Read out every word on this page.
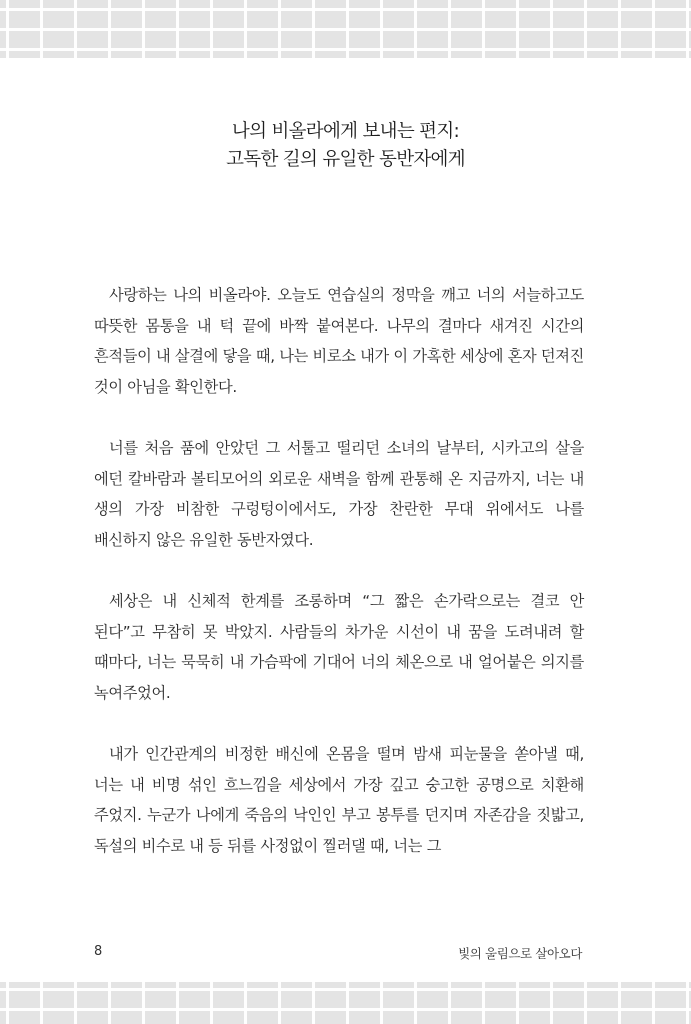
나의 비올라에게 보내는 편지:
고독한 길의 유일한 동반자에게

사랑하는 나의 비올라야. 오늘도 연습실의 정막을 깨고 너의 서늘하고도 따뜻한 몸통을 내 턱 끝에 바짝 붙여본다. 나무의 결마다 새겨진 시간의 흔적들이 내 살결에 닿을 때, 나는 비로소 내가 이 가혹한 세상에 혼자 던져진 것이 아님을 확인한다.

너를 처음 품에 안았던 그 서툴고 떨리던 소녀의 날부터, 시카고의 살을 에던 칼바람과 볼티모어의 외로운 새벽을 함께 관통해 온 지금까지, 너는 내 생의 가장 비참한 구렁텅이에서도, 가장 찬란한 무대 위에서도 나를 배신하지 않은 유일한 동반자였다.

세상은 내 신체적 한계를 조롱하며 “그 짧은 손가락으로는 결코 안 된다”고 무참히 못 박았지. 사람들의 차가운 시선이 내 꿈을 도려내려 할 때마다, 너는 묵묵히 내 가슴팍에 기대어 너의 체온으로 내 얼어붙은 의지를 녹여주었어.

내가 인간관계의 비정한 배신에 온몸을 떨며 밤새 피눈물을 쏟아낼 때, 너는 내 비명 섞인 흐느낌을 세상에서 가장 깊고 숭고한 공명으로 치환해 주었지. 누군가 나에게 죽음의 낙인인 부고 봉투를 던지며 자존감을 짓밟고, 독설의 비수로 내 등 뒤를 사정없이 찔러댈 때, 너는 그

8	빛의 울림으로 살아오다
